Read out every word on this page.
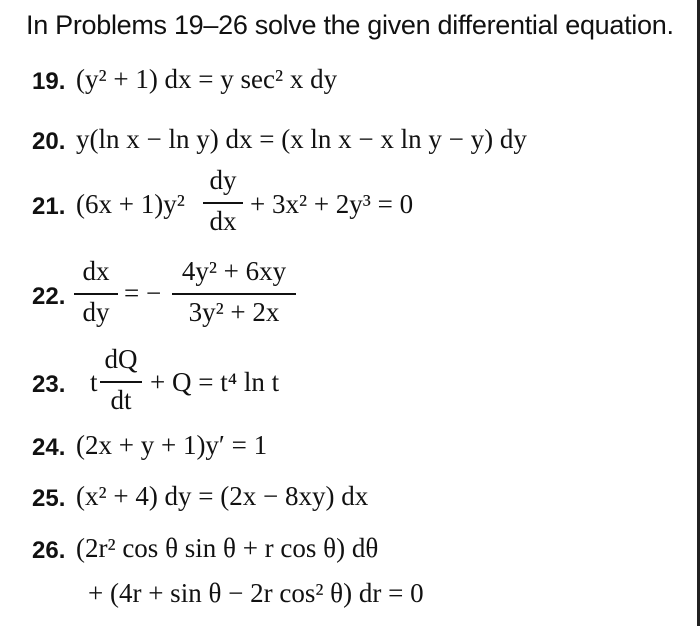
In Problems 19–26 solve the given differential equation.
19. (y² + 1) dx = y sec² x dy
20. y(ln x − ln y) dx = (x ln x − x ln y − y) dy
21. (6x + 1)y²
dy
dx
+ 3x² + 2y³ = 0
22.
dx
dy
= −
4y² + 6xy
3y² + 2x
23. t
dQ
dt
+ Q = t⁴ ln t
24. (2x + y + 1)y′ = 1
25. (x² + 4) dy = (2x − 8xy) dx
26. (2r² cos θ sin θ + r cos θ) dθ
+ (4r + sin θ − 2r cos² θ) dr = 0
